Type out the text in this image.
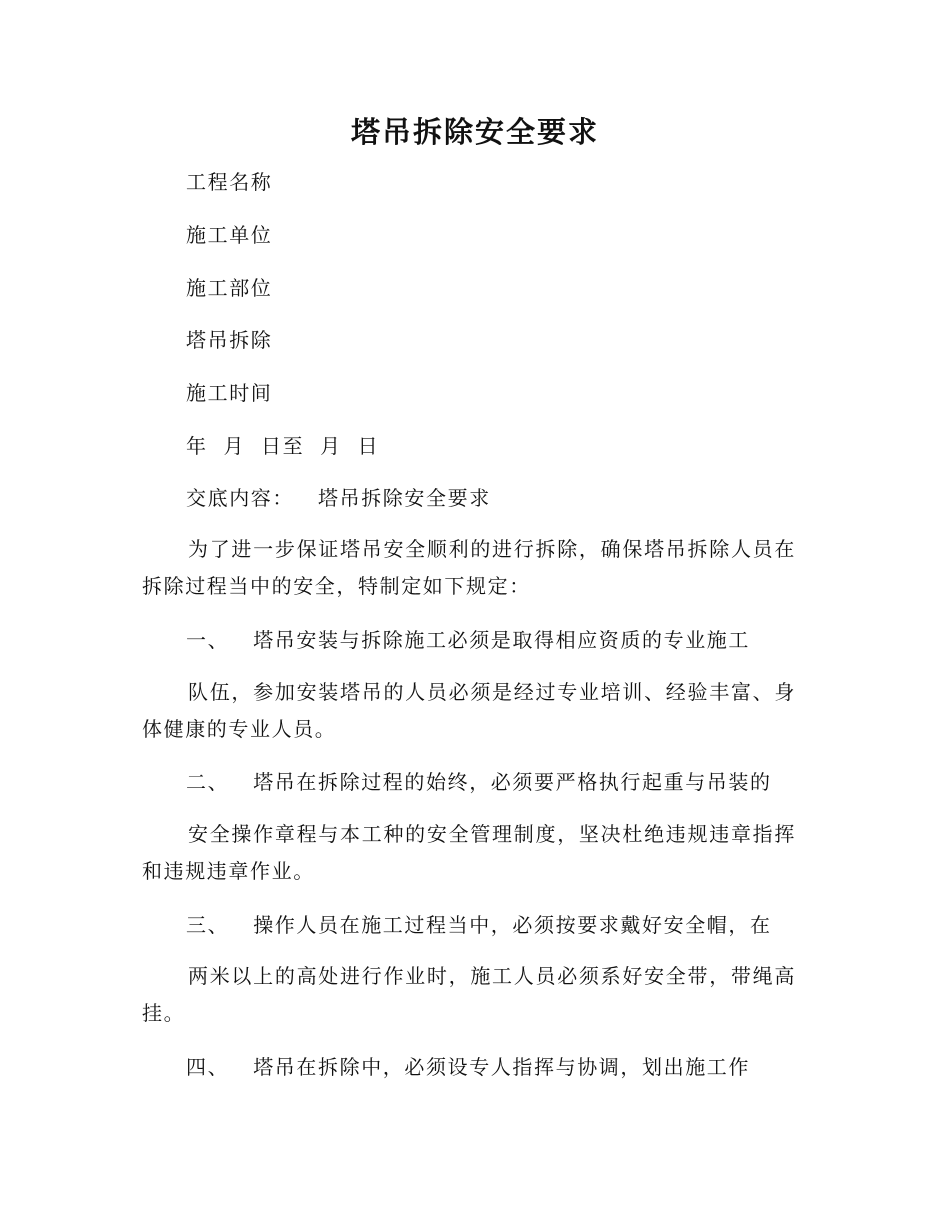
塔吊拆除安全要求
工程名称
施工单位
施工部位
塔吊拆除
施工时间
年  月  日至  月  日
交底内容： 塔吊拆除安全要求
为了进一步保证塔吊安全顺利的进行拆除，确保塔吊拆除人员在拆除过程当中的安全，特制定如下规定：
一、 塔吊安装与拆除施工必须是取得相应资质的专业施工
队伍，参加安装塔吊的人员必须是经过专业培训、经验丰富、身体健康的专业人员。
二、 塔吊在拆除过程的始终，必须要严格执行起重与吊装的
安全操作章程与本工种的安全管理制度，坚决杜绝违规违章指挥和违规违章作业。
三、 操作人员在施工过程当中，必须按要求戴好安全帽，在
两米以上的高处进行作业时，施工人员必须系好安全带，带绳高挂。
四、 塔吊在拆除中，必须设专人指挥与协调，划出施工作
